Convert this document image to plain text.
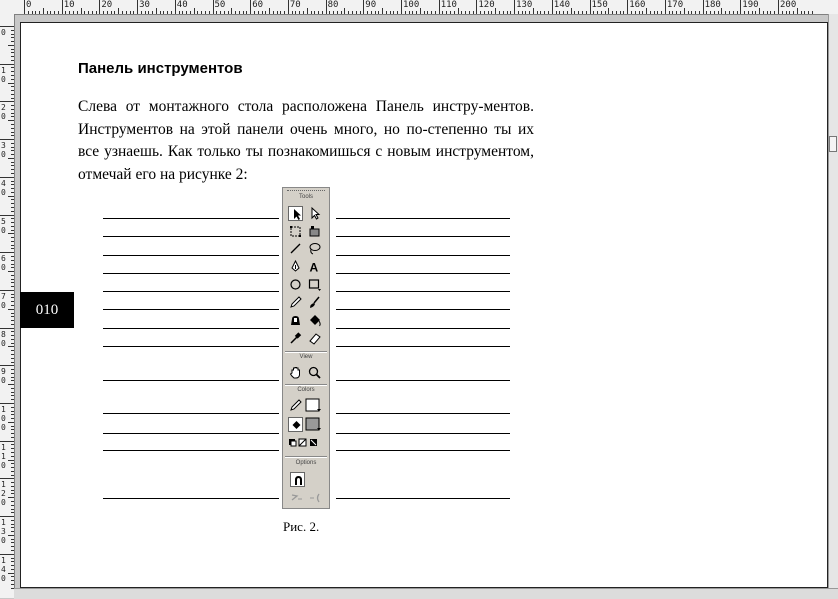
0	10	20	30	40	50	60	70	80	90	100 110 120 130 140 150 160 170 180 190 200
0
10
20
30
40
50
60
70
80
90
100
110
120
130
140
Панель инструментов

Слева от монтажного стола расположена Панель инстру-ментов. Инструментов на этой панели очень много, но по-степенно ты их все узнаешь. Как только ты познакомишься с новым инструментом, отмечай его на рисунке 2:

010
Tools
A
View
Colors
Options
Рис. 2.
